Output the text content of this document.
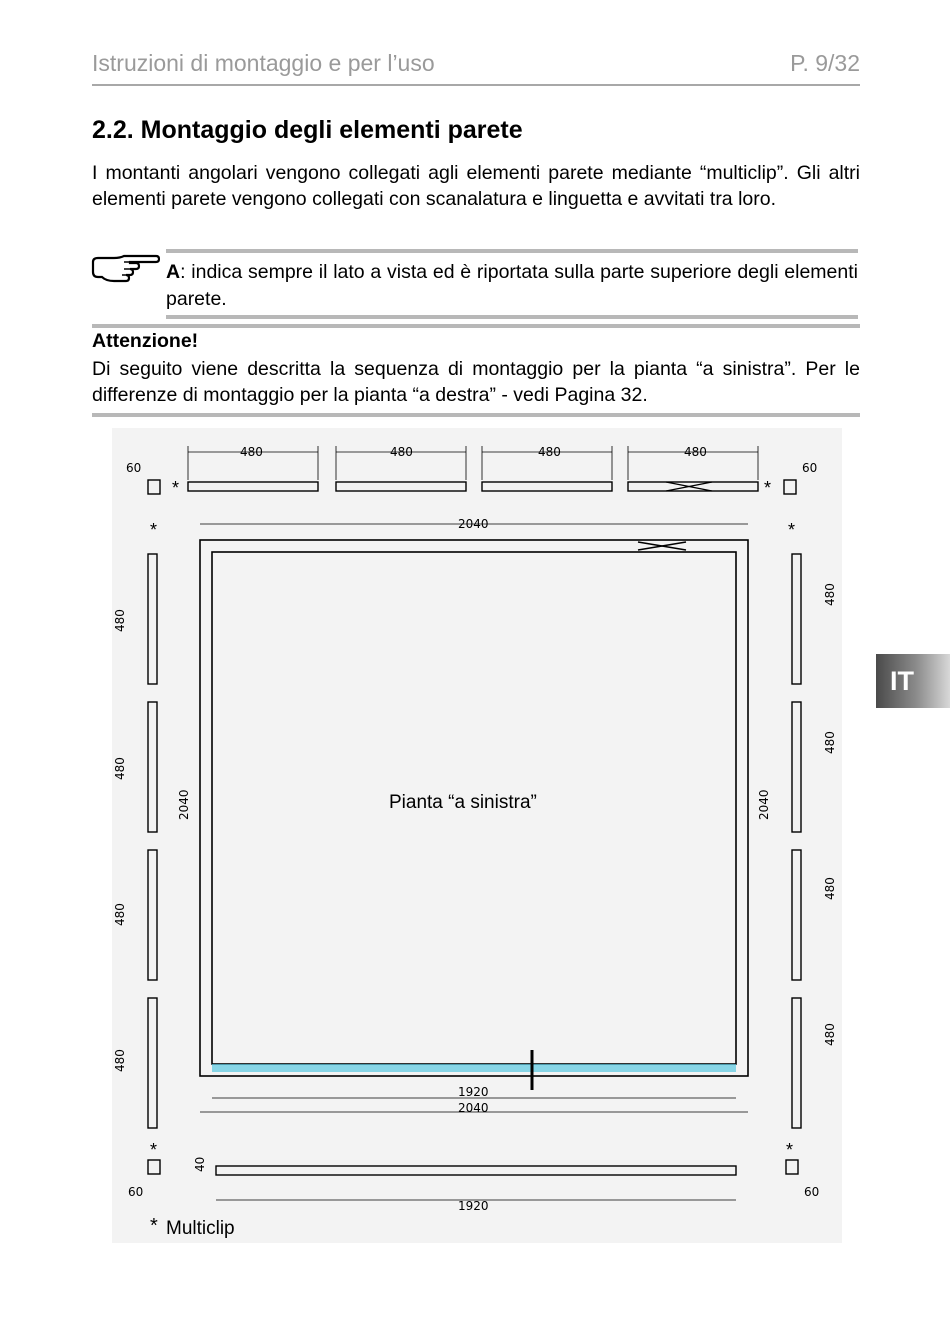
Istruzioni di montaggio e per l’uso	P. 9/32
2.2. Montaggio degli elementi parete
I montanti angolari vengono collegati agli elementi parete mediante “multiclip”. Gli altri elementi parete vengono collegati con scanalatura e linguetta e avvitati tra loro.
A: indica sempre il lato a vista ed è riportata sulla parte superiore degli elementi parete.
Attenzione!
Di seguito viene descritta la sequenza di montaggio per la pianta “a sinistra”. Per le differenze di montaggio per la pianta “a destra” - vedi Pagina 32.
IT
480	480	480	480
60	60
*	*
*	*
2040
Pianta “a sinistra”
2040	2040
480
480
480
480
480
480
480
480
1920
2040
*	*
60	60
40
1920
* Multiclip
